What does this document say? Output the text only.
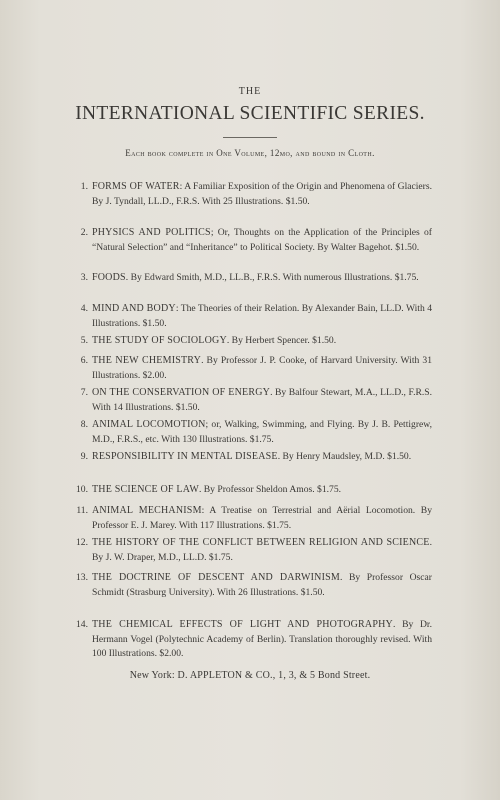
THE
INTERNATIONAL SCIENTIFIC SERIES.
Each book complete in One Volume, 12mo, and bound in Cloth.
1. FORMS OF WATER: A Familiar Exposition of the Origin and Phenomena of Glaciers. By J. Tyndall, LL.D., F.R.S. With 25 Illustrations. $1.50.
2. PHYSICS AND POLITICS; Or, Thoughts on the Application of the Principles of “Natural Selection” and “Inheritance” to Political Society. By Walter Bagehot. $1.50.
3. FOODS. By Edward Smith, M.D., LL.B., F.R.S. With numerous Illustrations. $1.75.
4. MIND AND BODY: The Theories of their Relation. By Alexander Bain, LL.D. With 4 Illustrations. $1.50.
5. THE STUDY OF SOCIOLOGY. By Herbert Spencer. $1.50.
6. THE NEW CHEMISTRY. By Professor J. P. Cooke, of Harvard University. With 31 Illustrations. $2.00.
7. ON THE CONSERVATION OF ENERGY. By Balfour Stewart, M.A., LL.D., F.R.S. With 14 Illustrations. $1.50.
8. ANIMAL LOCOMOTION; or, Walking, Swimming, and Flying. By J. B. Pettigrew, M.D., F.R.S., etc. With 130 Illustrations. $1.75.
9. RESPONSIBILITY IN MENTAL DISEASE. By Henry Maudsley, M.D. $1.50.
10. THE SCIENCE OF LAW. By Professor Sheldon Amos. $1.75.
11. ANIMAL MECHANISM: A Treatise on Terrestrial and Aërial Locomotion. By Professor E. J. Marey. With 117 Illustrations. $1.75.
12. THE HISTORY OF THE CONFLICT BETWEEN RELIGION AND SCIENCE. By J. W. Draper, M.D., LL.D. $1.75.
13. THE DOCTRINE OF DESCENT AND DARWINISM. By Professor Oscar Schmidt (Strasburg University). With 26 Illustrations. $1.50.
14. THE CHEMICAL EFFECTS OF LIGHT AND PHOTOGRAPHY. By Dr. Hermann Vogel (Polytechnic Academy of Berlin). Translation thoroughly revised. With 100 Illustrations. $2.00.
New York: D. APPLETON & CO., 1, 3, & 5 Bond Street.
